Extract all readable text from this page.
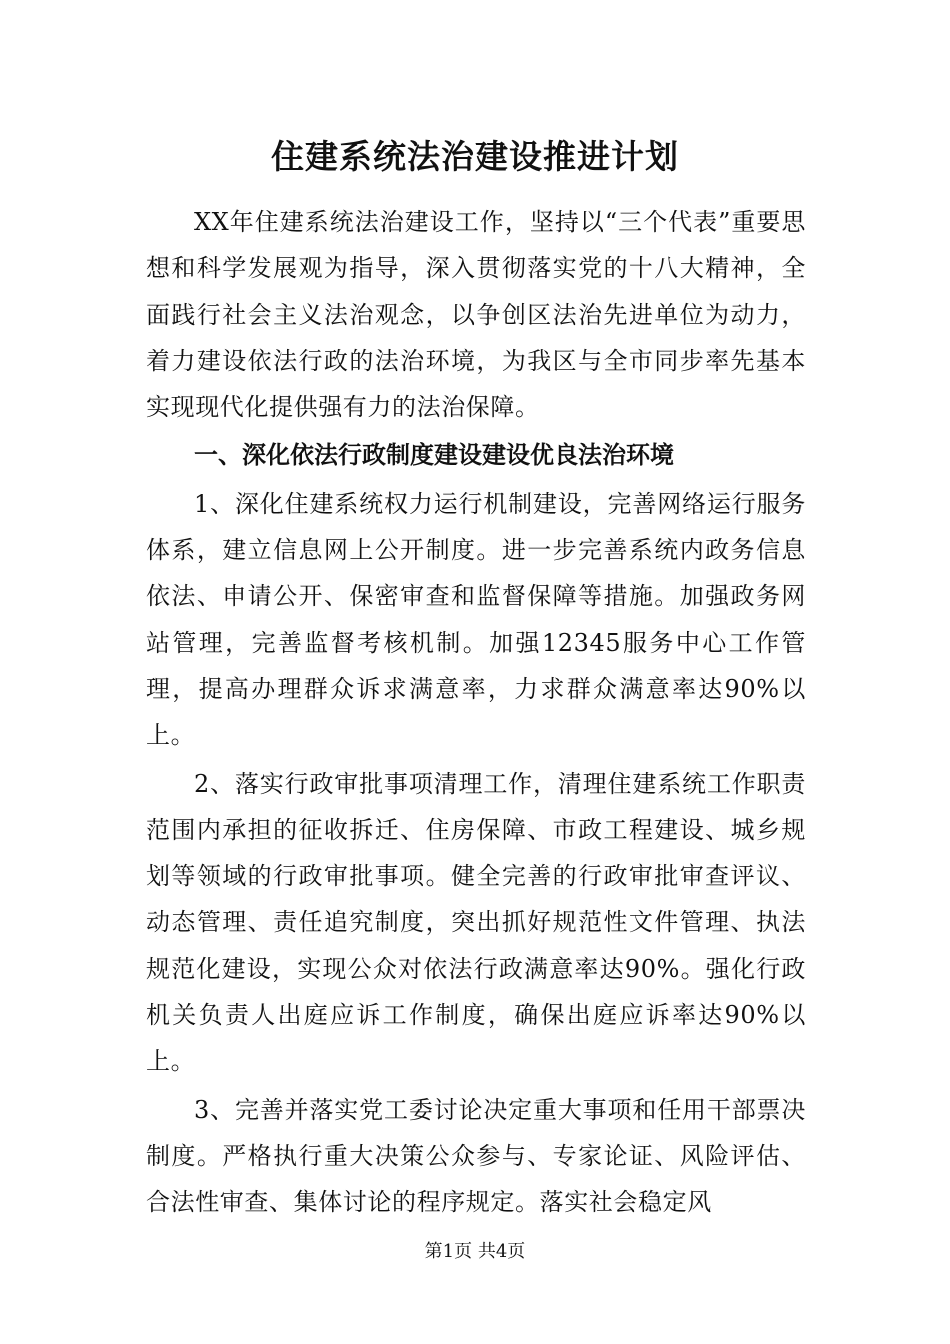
住建系统法治建设推进计划

XX年住建系统法治建设工作，坚持以“三个代表”重要思想和科学发展观为指导，深入贯彻落实党的十八大精神，全面践行社会主义法治观念，以争创区法治先进单位为动力，着力建设依法行政的法治环境，为我区与全市同步率先基本实现现代化提供强有力的法治保障。

一、深化依法行政制度建设建设优良法治环境

1、深化住建系统权力运行机制建设，完善网络运行服务体系，建立信息网上公开制度。进一步完善系统内政务信息依法、申请公开、保密审查和监督保障等措施。加强政务网站管理，完善监督考核机制。加强12345服务中心工作管理，提高办理群众诉求满意率，力求群众满意率达90%以上。

2、落实行政审批事项清理工作，清理住建系统工作职责范围内承担的征收拆迁、住房保障、市政工程建设、城乡规划等领域的行政审批事项。健全完善的行政审批审查评议、动态管理、责任追究制度，突出抓好规范性文件管理、执法规范化建设，实现公众对依法行政满意率达90%。强化行政机关负责人出庭应诉工作制度，确保出庭应诉率达90%以上。

3、完善并落实党工委讨论决定重大事项和任用干部票决制度。严格执行重大决策公众参与、专家论证、风险评估、合法性审查、集体讨论的程序规定。落实社会稳定风

第1页 共4页
